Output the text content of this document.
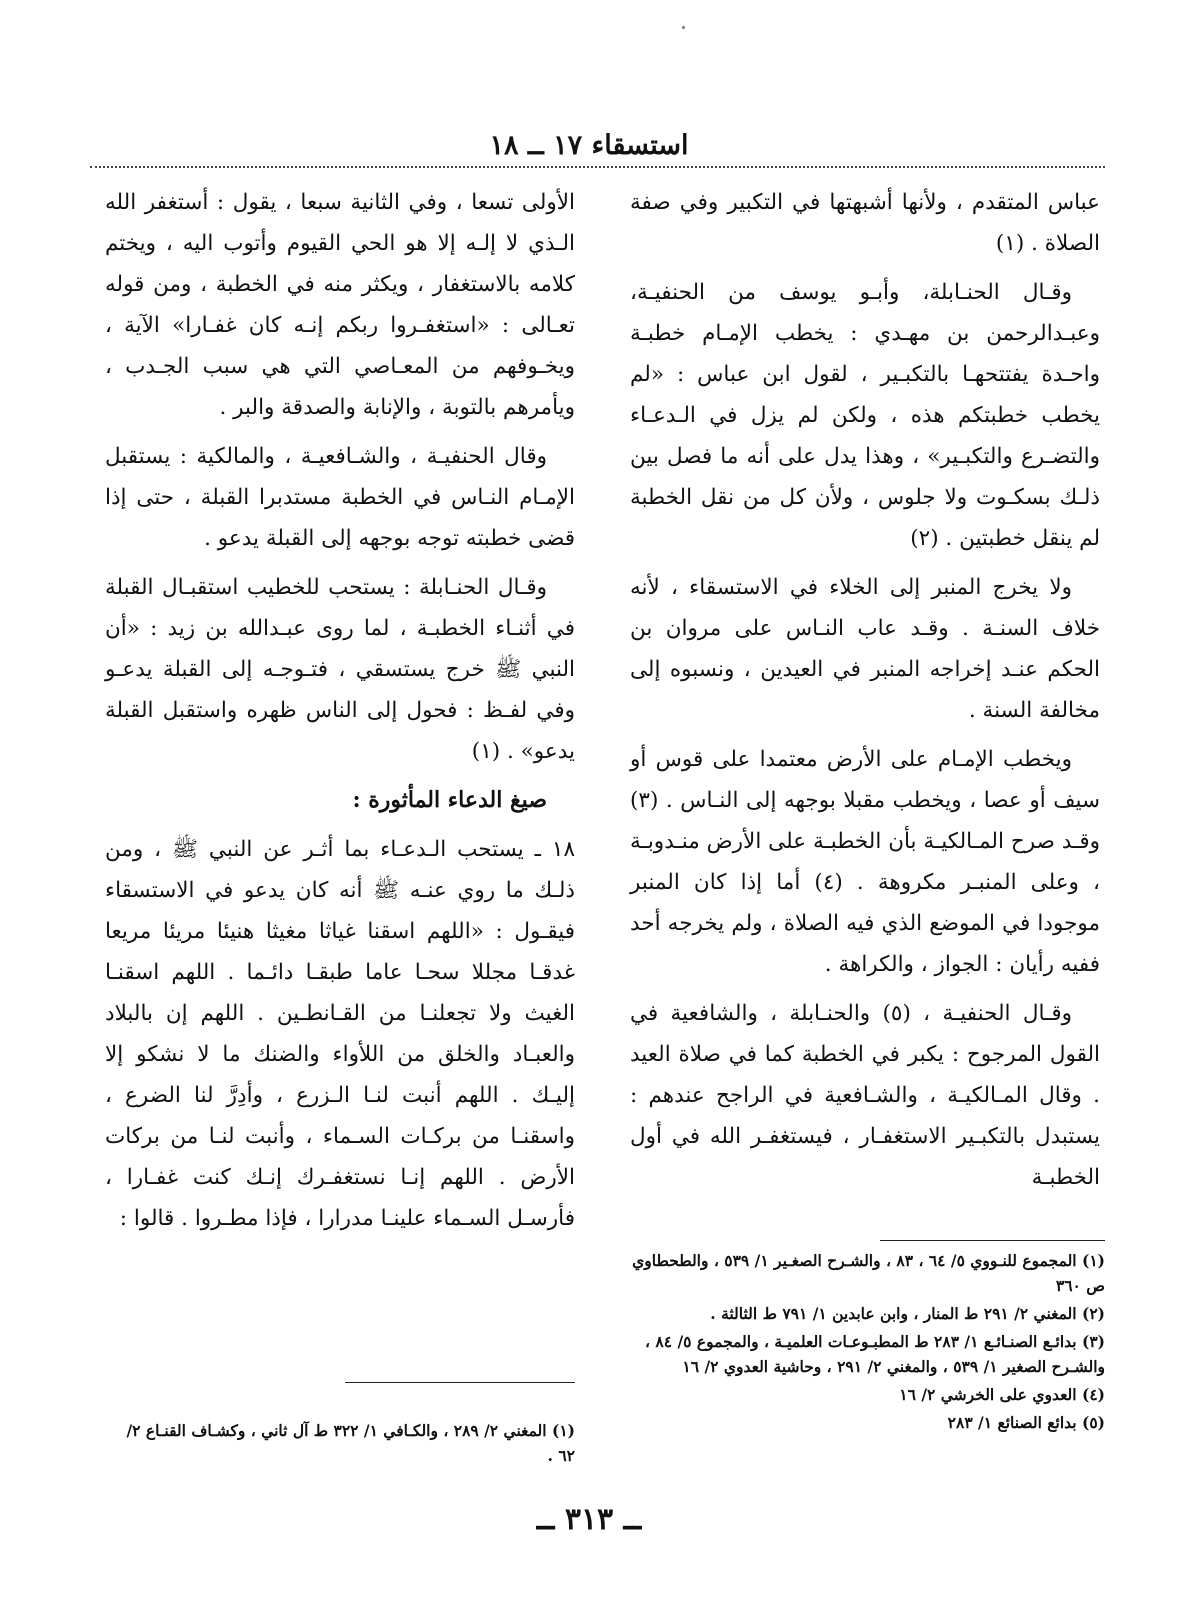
استسقاء ١٧ ــ ١٨

عباس المتقدم ، ولأنها أشبهتها في التكبير وفي صفة الصلاة . (١)

وقـال الحنـابلة، وأبـو يوسف من الحنفيـة، وعبـدالرحمن بن مهـدي : يخطب الإمـام خطبـة واحـدة يفتتحهـا بالتكبـير ، لقول ابن عباس : «لم يخطب خطبتكم هذه ، ولكن لم يزل في الـدعـاء والتضـرع والتكبـير» ، وهذا يدل على أنه ما فصل بين ذلـك بسكـوت ولا جلوس ، ولأن كل من نقل الخطبة لم ينقل خطبتين . (٢)

ولا يخرج المنبر إلى الخلاء في الاستسقاء ، لأنه خلاف السنـة . وقـد عاب النـاس على مروان بن الحكم عنـد إخراجه المنبر في العيدين ، ونسبوه إلى مخالفة السنة .

ويخطب الإمـام على الأرض معتمدا على قوس أو سيف أو عصا ، ويخطب مقبلا بوجهه إلى النـاس . (٣) وقـد صرح المـالكيـة بأن الخطبـة على الأرض منـدوبـة ، وعلى المنبـر مكروهة . (٤) أما إذا كان المنبر موجودا في الموضع الذي فيه الصلاة ، ولم يخرجه أحد ففيه رأيان : الجواز ، والكراهة .

وقـال الحنفيـة ، (٥) والحنـابلة ، والشافعية في القول المرجوح : يكبر في الخطبة كما في صلاة العيد . وقال المـالكيـة ، والشـافعية في الراجح عندهم : يستبدل بالتكبـير الاستغفـار ، فيستغفـر الله في أول الخطبـة

الأولى تسعا ، وفي الثانية سبعا ، يقول : أستغفر الله الـذي لا إلـه إلا هو الحي القيوم وأتوب اليه ، ويختم كلامه بالاستغفار ، ويكثر منه في الخطبة ، ومن قوله تعـالى : «استغفـروا ربكم إنـه كان غفـارا» الآية ، ويخـوفهم من المعـاصي التي هي سبب الجـدب ، ويأمرهم بالتوبة ، والإنابة والصدقة والبر .

وقال الحنفيـة ، والشـافعيـة ، والمالكية : يستقبل الإمـام النـاس في الخطبة مستدبرا القبلة ، حتى إذا قضى خطبته توجه بوجهه إلى القبلة يدعو .

وقـال الحنـابلة : يستحب للخطيب استقبـال القبلة في أثنـاء الخطبـة ، لما روى عبـدالله بن زيد : «أن النبي ﷺ خرج يستسقي ، فتـوجـه إلى القبلة يدعـو وفي لفـظ : فحول إلى الناس ظهره واستقبل القبلة يدعو» . (١)

صيغ الدعاء المأثورة :

١٨ ـ يستحب الـدعـاء بما أثـر عن النبي ﷺ ، ومن ذلـك ما روي عنـه ﷺ أنه كان يدعو في الاستسقاء فيقـول : «اللهم اسقنا غياثا مغيثا هنيئا مريئا مريعا غدقـا مجللا سحـا عاما طبقـا دائـما . اللهم اسقنـا الغيث ولا تجعلنـا من القـانطـين . اللهم إن بالبلاد والعبـاد والخلق من اللأواء والضنك ما لا نشكو إلا إليـك . اللهم أنبت لنـا الـزرع ، وأدِرَّ لنا الضرع ، واسقنـا من بركـات السـماء ، وأنبت لنـا من بركات الأرض . اللهم إنـا نستغفـرك إنـك كنت غفـارا ، فأرسـل السـماء علينـا مدرارا ، فإذا مطـروا . قالوا :

(١) المجموع للنـووي ٥/ ٦٤ ، ٨٣ ، والشـرح الصغـير ١/ ٥٣٩ ، والطحطاوي ص ٣٦٠
(٢) المغني ٢/ ٢٩١ ط المنار ، وابن عابدين ١/ ٧٩١ ط الثالثة .
(٣) بدائـع الصنـائـع ١/ ٢٨٣ ط المطبـوعـات العلميـة ، والمجموع ٥/ ٨٤ ، والشـرح الصغير ١/ ٥٣٩ ، والمغني ٢/ ٢٩١ ، وحاشية العدوي ٢/ ١٦
(٤) العدوي على الخرشي ٢/ ١٦
(٥) بدائع الصنائع ١/ ٢٨٣
(١) المغني ٢/ ٢٨٩ ، والكـافي ١/ ٣٢٢ ط آل ثاني ، وكشـاف القنـاع ٢/ ٦٢ .
ــ ٣١٣ ــ
